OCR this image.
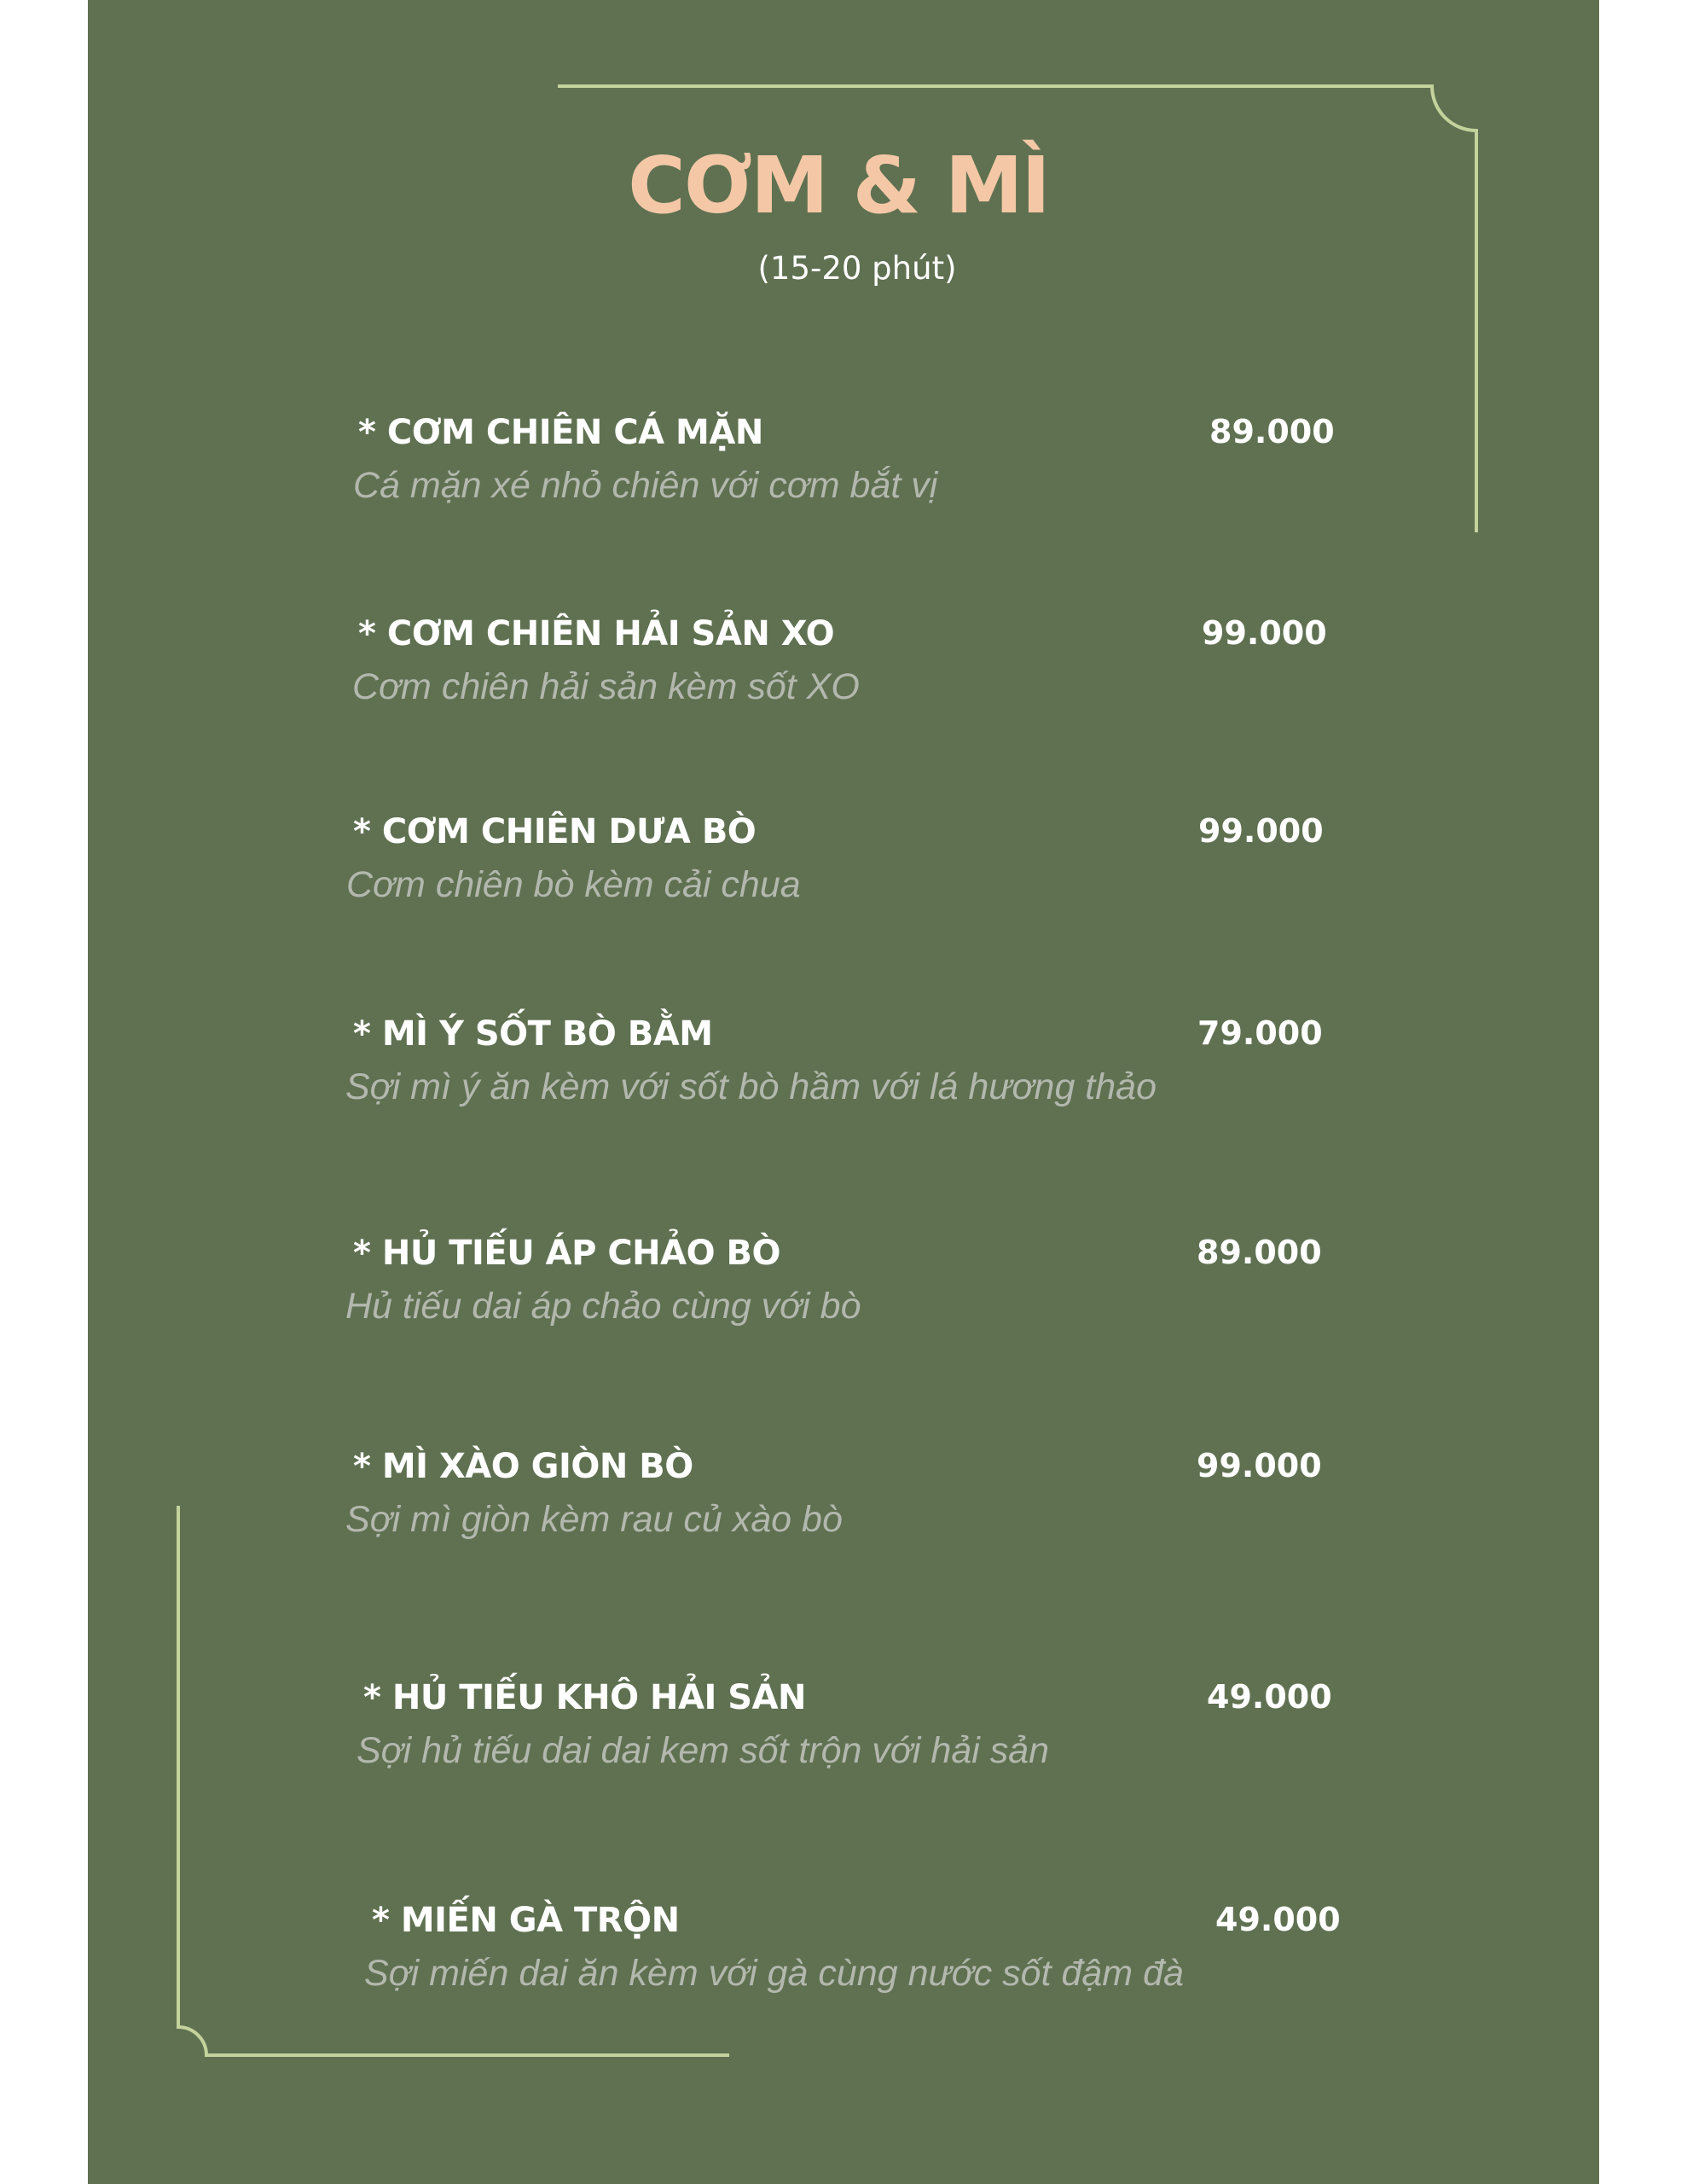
CƠM & MÌ
(15-20 phút)
* CƠM CHIÊN CÁ MẶN	89.000
Cá mặn xé nhỏ chiên với cơm bắt vị
* CƠM CHIÊN HẢI SẢN XO	99.000
Cơm chiên hải sản kèm sốt XO
* CƠM CHIÊN DƯA BÒ	99.000
Cơm chiên bò kèm cải chua
* MÌ Ý SỐT BÒ BẰM	79.000
Sợi mì ý ăn kèm với sốt bò hầm với lá hương thảo
* HỦ TIẾU ÁP CHẢO BÒ	89.000
Hủ tiếu dai áp chảo cùng với bò
* MÌ XÀO GIÒN BÒ	99.000
Sợi mì giòn kèm rau củ xào bò
* HỦ TIẾU KHÔ HẢI SẢN	49.000
Sợi hủ tiếu dai dai kem sốt trộn với hải sản
* MIẾN GÀ TRỘN	49.000
Sợi miến dai ăn kèm với gà cùng nước sốt đậm đà
